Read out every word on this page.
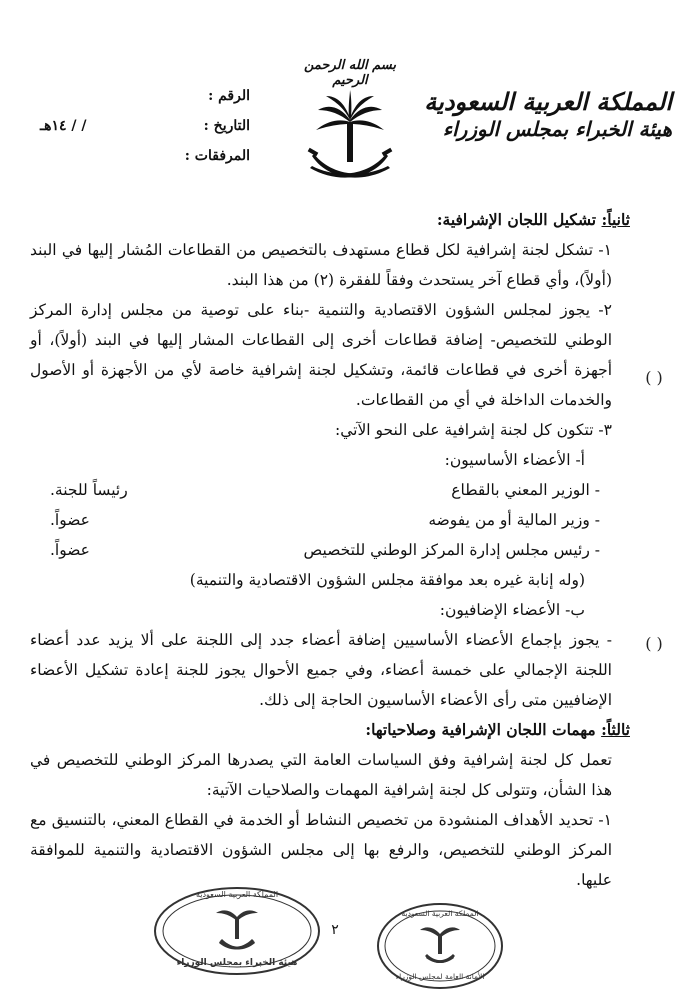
المملكة العربية السعودية
هيئة الخبراء بمجلس الوزراء
بسم الله الرحمن الرحيم
الرقم :
التاريخ :
/ / ١٤هـ
المرفقات :

ثانياً: تشكيل اللجان الإشرافية:

١- تشكل لجنة إشرافية لكل قطاع مستهدف بالتخصيص من القطاعات المُشار إليها في البند (أولاً)، وأي قطاع آخر يستحدث وفقاً للفقرة (٢) من هذا البند.

٢- يجوز لمجلس الشؤون الاقتصادية والتنمية -بناء على توصية من مجلس إدارة المركز الوطني للتخصيص- إضافة قطاعات أخرى إلى القطاعات المشار إليها في البند (أولاً)، أو أجهزة أخرى في قطاعات قائمة، وتشكيل لجنة إشرافية خاصة لأي من الأجهزة أو الأصول والخدمات الداخلة في أي من القطاعات.

٣- تتكون كل لجنة إشرافية على النحو الآتي:

أ- الأعضاء الأساسيون:

- الوزير المعني بالقطاع
رئيساً للجنة.
- وزير المالية أو من يفوضه
عضواً.
- رئيس مجلس إدارة المركز الوطني للتخصيص
عضواً.

(وله إنابة غيره بعد موافقة مجلس الشؤون الاقتصادية والتنمية)

ب- الأعضاء الإضافيون:

- يجوز بإجماع الأعضاء الأساسيين إضافة أعضاء جدد إلى اللجنة على ألا يزيد عدد أعضاء اللجنة الإجمالي على خمسة أعضاء، وفي جميع الأحوال يجوز للجنة إعادة تشكيل الأعضاء الإضافيين متى رأى الأعضاء الأساسيون الحاجة إلى ذلك.

ثالثاً: مهمات اللجان الإشرافية وصلاحياتها:

تعمل كل لجنة إشرافية وفق السياسات العامة التي يصدرها المركز الوطني للتخصيص في هذا الشأن، وتتولى كل لجنة إشرافية المهمات والصلاحيات الآتية:

١- تحديد الأهداف المنشودة من تخصيص النشاط أو الخدمة في القطاع المعني، بالتنسيق مع المركز الوطني للتخصيص، والرفع بها إلى مجلس الشؤون الاقتصادية والتنمية للموافقة عليها.

( )
( )
٢
المملكة العربية السعودية
هيئة الخبراء بمجلس الوزراء
المملكة العربية السعودية
الأمانة العامة لمجلس الوزراء
